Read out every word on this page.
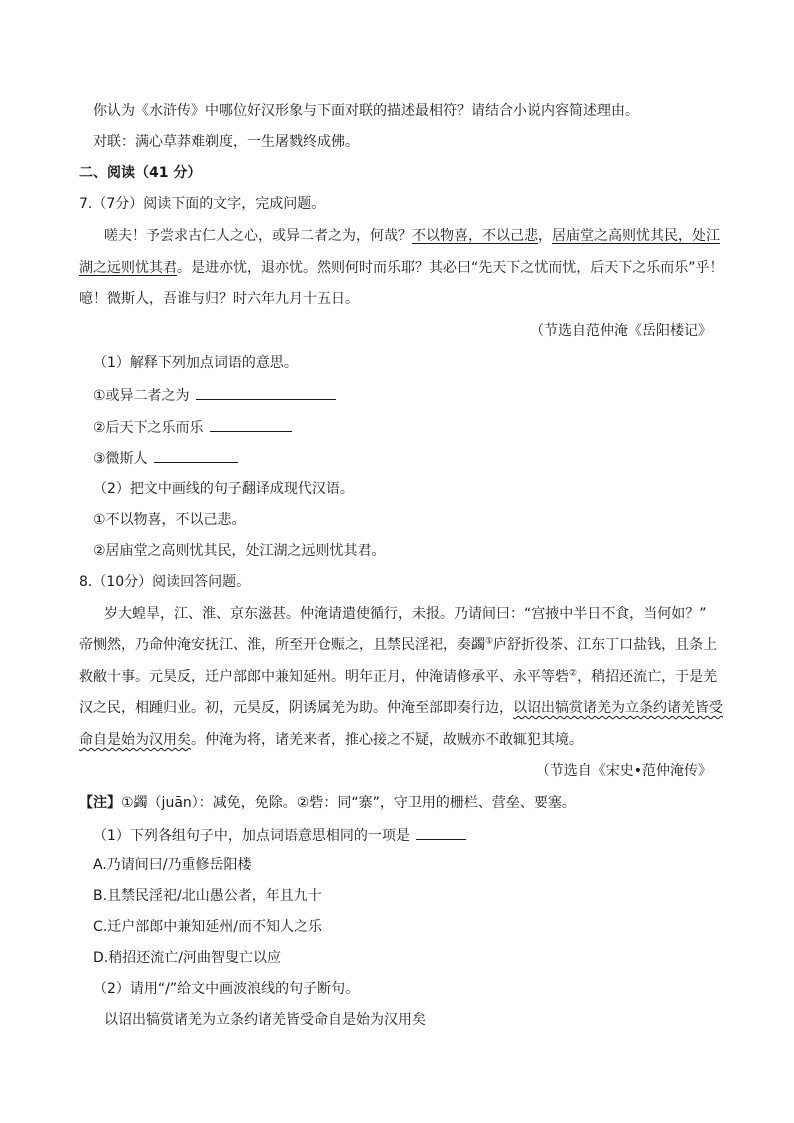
你认为《水浒传》中哪位好汉形象与下面对联的描述最相符？请结合小说内容简述理由。
对联：满心草莽难剃度，一生屠戮终成佛。
二、阅读（41 分）
7.（7分）阅读下面的文字，完成问题。
嗟夫！予尝求古仁人之心，或异二者之为，何哉？不以物喜，不以己悲，居庙堂之高则忧其民，处江
湖之远则忧其君。是进亦忧，退亦忧。然则何时而乐耶？其必曰“先天下之忧而忧，后天下之乐而乐”乎！
噫！微斯人，吾谁与归？时六年九月十五日。
（节选自范仲淹《岳阳楼记》
（1）解释下列加点词语的意思。
①或异二者之为
②后天下之乐而乐
③微斯人
（2）把文中画线的句子翻译成现代汉语。
①不以物喜，不以己悲。
②居庙堂之高则忧其民，处江湖之远则忧其君。
8.（10分）阅读回答问题。
岁大蝗旱，江、淮、京东滋甚。仲淹请遣使循行，未报。乃请间曰：“宫掖中半日不食，当何如？”
帝恻然，乃命仲淹安抚江、淮，所至开仓赈之，且禁民淫祀，奏蠲①庐舒折役茶、江东丁口盐钱，且条上
救敝十事。元昊反，迁户部郎中兼知延州。明年正月，仲淹请修承平、永平等砦②，稍招还流亡，于是羌
汉之民，相踵归业。初，元昊反，阴诱属羌为助。仲淹至部即奏行边，以诏出犒赏诸羌为立条约诸羌皆受
命自是始为汉用矣。仲淹为将，诸羌来者，推心接之不疑，故贼亦不敢辄犯其境。
（节选自《宋史•范仲淹传》
【注】①蠲（juān）：减免，免除。②砦：同“寨”，守卫用的栅栏、营垒、要塞。
（1）下列各组句子中，加点词语意思相同的一项是
A.乃请间曰/乃重修岳阳楼
B.且禁民淫祀/北山愚公者，年且九十
C.迁户部郎中兼知延州/而不知人之乐
D.稍招还流亡/河曲智叟亡以应
（2）请用“/”给文中画波浪线的句子断句。
以诏出犒赏诸羌为立条约诸羌皆受命自是始为汉用矣
